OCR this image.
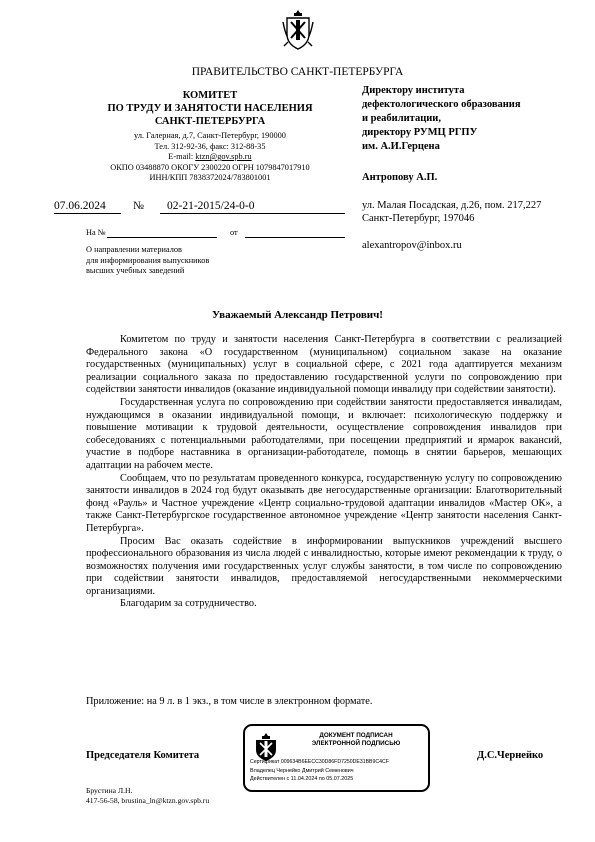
ПРАВИТЕЛЬСТВО САНКТ-ПЕТЕРБУРГА
КОМИТЕТ
ПО ТРУДУ И ЗАНЯТОСТИ НАСЕЛЕНИЯ
САНКТ-ПЕТЕРБУРГА
ул. Галерная, д.7, Санкт-Петербург, 190000
Тел. 312-92-36, факс: 312-88-35
E-mail: ktzn@gov.spb.ru
ОКПО 03488870 ОКОГУ 2300220 ОГРН 1079847017910
ИНН/КПП 7838372024/783801001
Директору института
дефектологического образования
и реабилитации,
директору РУМЦ РГПУ
им. А.И.Герцена
Антропову А.П.
ул. Малая Посадская, д.26, пом. 217,227
Санкт-Петербург, 197046
alexantropov@inbox.ru
07.06.2024 № 02-21-2015/24-0-0
На №	от
О направлении материалов
для информирования выпускников
высших учебных заведений
Уважаемый Александр Петрович!

Комитетом по труду и занятости населения Санкт-Петербурга в соответствии с реализацией Федерального закона «О государственном (муниципальном) социальном заказе на оказание государственных (муниципальных) услуг в социальной сфере, с 2021 года адаптируется механизм реализации социального заказа по предоставлению государственной услуги по сопровождению при содействии занятости инвалидов (оказание индивидуальной помощи инвалиду при содействии занятости).

Государственная услуга по сопровождению при содействии занятости предоставляется инвалидам, нуждающимся в оказании индивидуальной помощи, и включает: психологическую поддержку и повышение мотивации к трудовой деятельности, осуществление сопровождения инвалидов при собеседованиях с потенциальными работодателями, при посещении предприятий и ярмарок вакансий, участие в подборе наставника в организации-работодателе, помощь в снятии барьеров, мешающих адаптации на рабочем месте.

Сообщаем, что по результатам проведенного конкурса, государственную услугу по сопровождению занятости инвалидов в 2024 год будут оказывать две негосударственные организации: Благотворительный фонд «Рауль» и Частное учреждение «Центр социально-трудовой адаптации инвалидов «Мастер ОК», а также Санкт-Петербургское государственное автономное учреждение «Центр занятости населения Санкт-Петербурга».

Просим Вас оказать содействие в информировании выпускников учреждений высшего профессионального образования из числа людей с инвалидностью, которые имеют рекомендации к труду, о возможностях получения ими государственных услуг службы занятости, в том числе по сопровождению при содействии занятости инвалидов, предоставляемой негосударственными некоммерческими организациями.

Благодарим за сотрудничество.

Приложение: на 9 л. в 1 экз., в том числе в электронном формате.
Председателя Комитета	Д.С.Чернейко
ДОКУМЕНТ ПОДПИСАН
ЭЛЕКТРОННОЙ ПОДПИСЬЮ
Сертификат 009634B6EECC30D86FD7250DE31BB9C4CF
Владелец Чернейко Дмитрий Семенович
Действителен с 11.04.2024 по 05.07.2025
Брустина Л.Н.
417-56-58, brustina_ln@ktzn.gov.spb.ru
